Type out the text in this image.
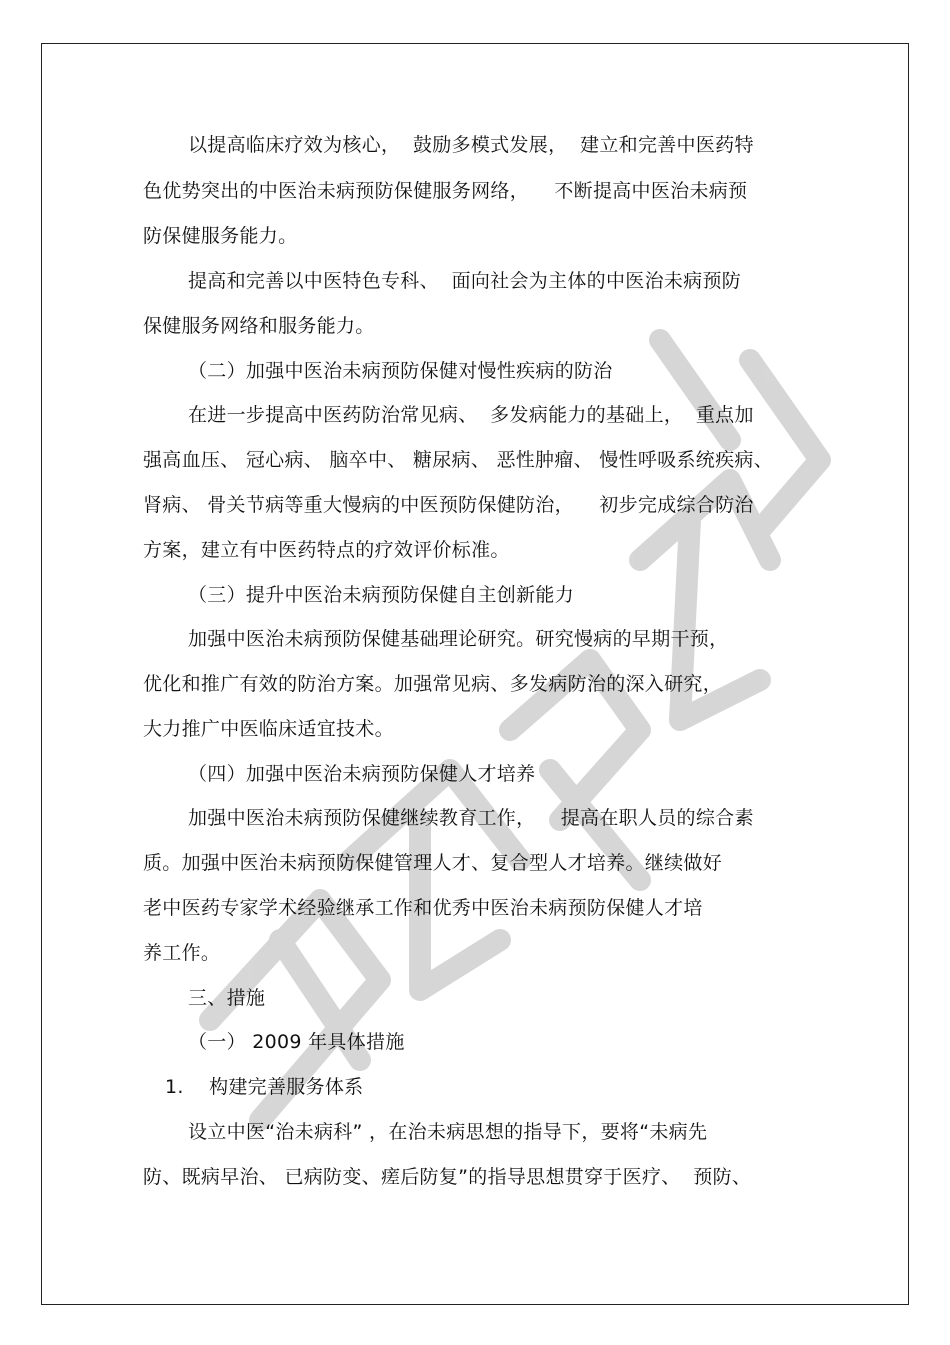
以提高临床疗效为核心，  鼓励多模式发展，  建立和完善中医药特
色优势突出的中医治未病预防保健服务网络，    不断提高中医治未病预
防保健服务能力。
提高和完善以中医特色专科、  面向社会为主体的中医治未病预防
保健服务网络和服务能力。
（二）加强中医治未病预防保健对慢性疾病的防治
在进一步提高中医药防治常见病、  多发病能力的基础上，  重点加
强高血压、 冠心病、 脑卒中、 糖尿病、 恶性肿瘤、 慢性呼吸系统疾病、
肾病、 骨关节病等重大慢病的中医预防保健防治，    初步完成综合防治
方案，建立有中医药特点的疗效评价标准。
（三）提升中医治未病预防保健自主创新能力
加强中医治未病预防保健基础理论研究。研究慢病的早期干预，
优化和推广有效的防治方案。加强常见病、多发病防治的深入研究，
大力推广中医临床适宜技术。
（四）加强中医治未病预防保健人才培养
加强中医治未病预防保健继续教育工作，    提高在职人员的综合素
质。加强中医治未病预防保健管理人才、复合型人才培养。继续做好
老中医药专家学术经验继承工作和优秀中医治未病预防保健人才培
养工作。
三、措施
（一） 2009 年具体措施
1.    构建完善服务体系
设立中医“治未病科” ，在治未病思想的指导下，要将“未病先
防、既病早治、 已病防变、瘥后防复”的指导思想贯穿于医疗、  预防、
